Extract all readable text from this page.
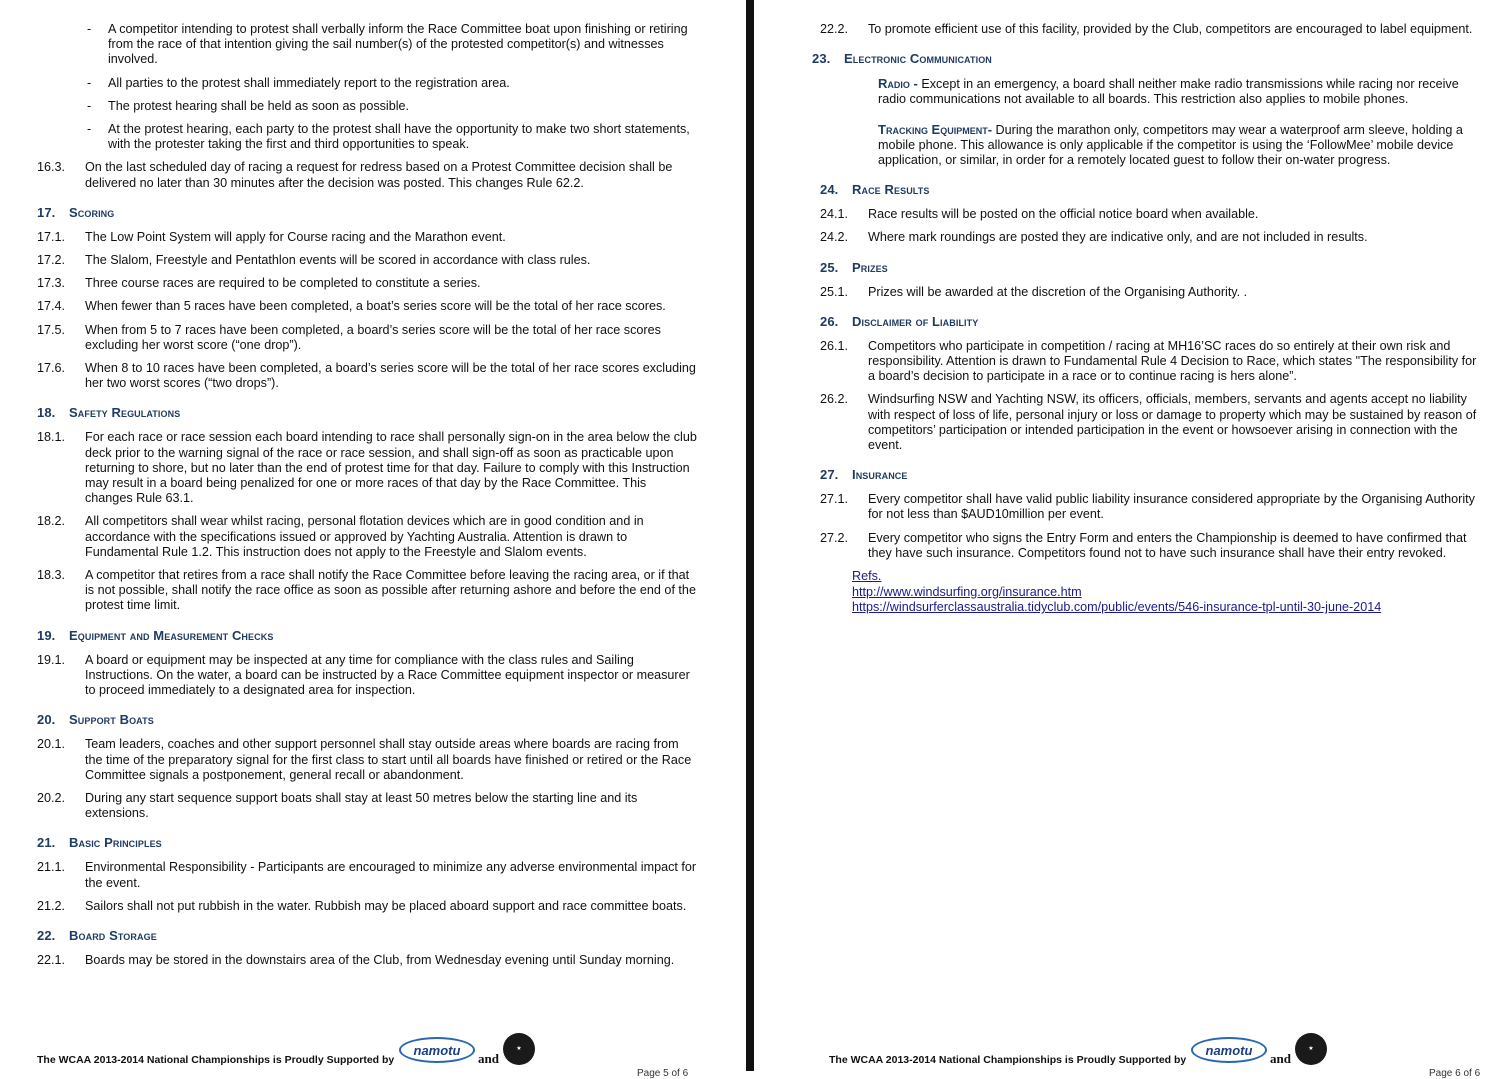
- A competitor intending to protest shall verbally inform the Race Committee boat upon finishing or retiring from the race of that intention giving the sail number(s) of the protested competitor(s) and witnesses involved.
- All parties to the protest shall immediately report to the registration area.
- The protest hearing shall be held as soon as possible.
- At the protest hearing, each party to the protest shall have the opportunity to make two short statements, with the protester taking the first and third opportunities to speak.
16.3. On the last scheduled day of racing a request for redress based on a Protest Committee decision shall be delivered no later than 30 minutes after the decision was posted. This changes Rule 62.2.
17. Scoring
17.1. The Low Point System will apply for Course racing and the Marathon event.
17.2. The Slalom, Freestyle and Pentathlon events will be scored in accordance with class rules.
17.3. Three course races are required to be completed to constitute a series.
17.4. When fewer than 5 races have been completed, a boat’s series score will be the total of her race scores.
17.5. When from 5 to 7 races have been completed, a board’s series score will be the total of her race scores excluding her worst score (“one drop”).
17.6. When 8 to 10 races have been completed, a board’s series score will be the total of her race scores excluding her two worst scores (“two drops”).
18. Safety Regulations
18.1. For each race or race session each board intending to race shall personally sign-on in the area below the club deck prior to the warning signal of the race or race session, and shall sign-off as soon as practicable upon returning to shore, but no later than the end of protest time for that day. Failure to comply with this Instruction may result in a board being penalized for one or more races of that day by the Race Committee. This changes Rule 63.1.
18.2. All competitors shall wear whilst racing, personal flotation devices which are in good condition and in accordance with the specifications issued or approved by Yachting Australia. Attention is drawn to Fundamental Rule 1.2. This instruction does not apply to the Freestyle and Slalom events.
18.3. A competitor that retires from a race shall notify the Race Committee before leaving the racing area, or if that is not possible, shall notify the race office as soon as possible after returning ashore and before the end of the protest time limit.
19. Equipment and Measurement Checks
19.1. A board or equipment may be inspected at any time for compliance with the class rules and Sailing Instructions. On the water, a board can be instructed by a Race Committee equipment inspector or measurer to proceed immediately to a designated area for inspection.
20. Support Boats
20.1. Team leaders, coaches and other support personnel shall stay outside areas where boards are racing from the time of the preparatory signal for the first class to start until all boards have finished or retired or the Race Committee signals a postponement, general recall or abandonment.
20.2. During any start sequence support boats shall stay at least 50 metres below the starting line and its extensions.
21. Basic Principles
21.1. Environmental Responsibility - Participants are encouraged to minimize any adverse environmental impact for the event.
21.2. Sailors shall not put rubbish in the water. Rubbish may be placed aboard support and race committee boats.
22. Board Storage
22.1. Boards may be stored in the downstairs area of the Club, from Wednesday evening until Sunday morning.
The WCAA 2013-2014 National Championships is Proudly Supported by
namotu
and
★
Page 5 of 6
22.2. To promote efficient use of this facility, provided by the Club, competitors are encouraged to label equipment.
23. Electronic Communication
Radio - Except in an emergency, a board shall neither make radio transmissions while racing nor receive radio communications not available to all boards. This restriction also applies to mobile phones.
Tracking Equipment- During the marathon only, competitors may wear a waterproof arm sleeve, holding a mobile phone. This allowance is only applicable if the competitor is using the ‘FollowMee’ mobile device application, or similar, in order for a remotely located guest to follow their on-water progress.
24. Race Results
24.1. Race results will be posted on the official notice board when available.
24.2. Where mark roundings are posted they are indicative only, and are not included in results.
25. Prizes
25.1. Prizes will be awarded at the discretion of the Organising Authority. .
26. Disclaimer of Liability
26.1. Competitors who participate in competition / racing at MH16’SC races do so entirely at their own risk and responsibility. Attention is drawn to Fundamental Rule 4 Decision to Race, which states "The responsibility for a board’s decision to participate in a race or to continue racing is hers alone”.
26.2. Windsurfing NSW and Yachting NSW, its officers, officials, members, servants and agents accept no liability with respect of loss of life, personal injury or loss or damage to property which may be sustained by reason of competitors’ participation or intended participation in the event or howsoever arising in connection with the event.
27. Insurance
27.1. Every competitor shall have valid public liability insurance considered appropriate by the Organising Authority for not less than $AUD10million per event.
27.2. Every competitor who signs the Entry Form and enters the Championship is deemed to have confirmed that they have such insurance. Competitors found not to have such insurance shall have their entry revoked.
Refs.
http://www.windsurfing.org/insurance.htm
https://windsurferclassaustralia.tidyclub.com/public/events/546-insurance-tpl-until-30-june-2014
The WCAA 2013-2014 National Championships is Proudly Supported by
namotu
and
★
Page 6 of 6
